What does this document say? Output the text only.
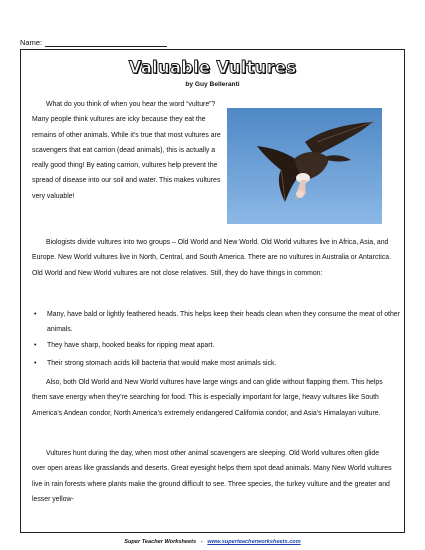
Name:
Valuable Vultures
by Guy Belleranti

What do you think of when you hear the word “vulture”? Many people think vultures are icky because they eat the remains of other animals. While it’s true that most vultures are scavengers that eat carrion (dead animals), this is actually a really good thing! By eating carrion, vultures help prevent the spread of disease into our soil and water. This makes vultures very valuable!

Biologists divide vultures into two groups – Old World and New World. Old World vultures live in Africa, Asia, and Europe. New World vultures live in North, Central, and South America. There are no vultures in Australia or Antarctica. Old World and New World vultures are not close relatives. Still, they do have things in common:

• Many, have bald or lightly feathered heads. This helps keep their heads clean when they consume the meat of other animals.
• They have sharp, hooked beaks for ripping meat apart.
• Their strong stomach acids kill bacteria that would make most animals sick.

Also, both Old World and New World vultures have large wings and can glide without flapping them. This helps them save energy when they’re searching for food. This is especially important for large, heavy vultures like South America’s Andean condor, North America’s extremely endangered California condor, and Asia’s Himalayan vulture.

Vultures hunt during the day, when most other animal scavengers are sleeping. Old World vultures often glide over open areas like grasslands and deserts. Great eyesight helps them spot dead animals. Many New World vultures live in rain forests where plants make the ground difficult to see. Three species, the turkey vulture and the greater and lesser yellow-

Super Teacher Worksheets - www.superteacherworksheets.com
